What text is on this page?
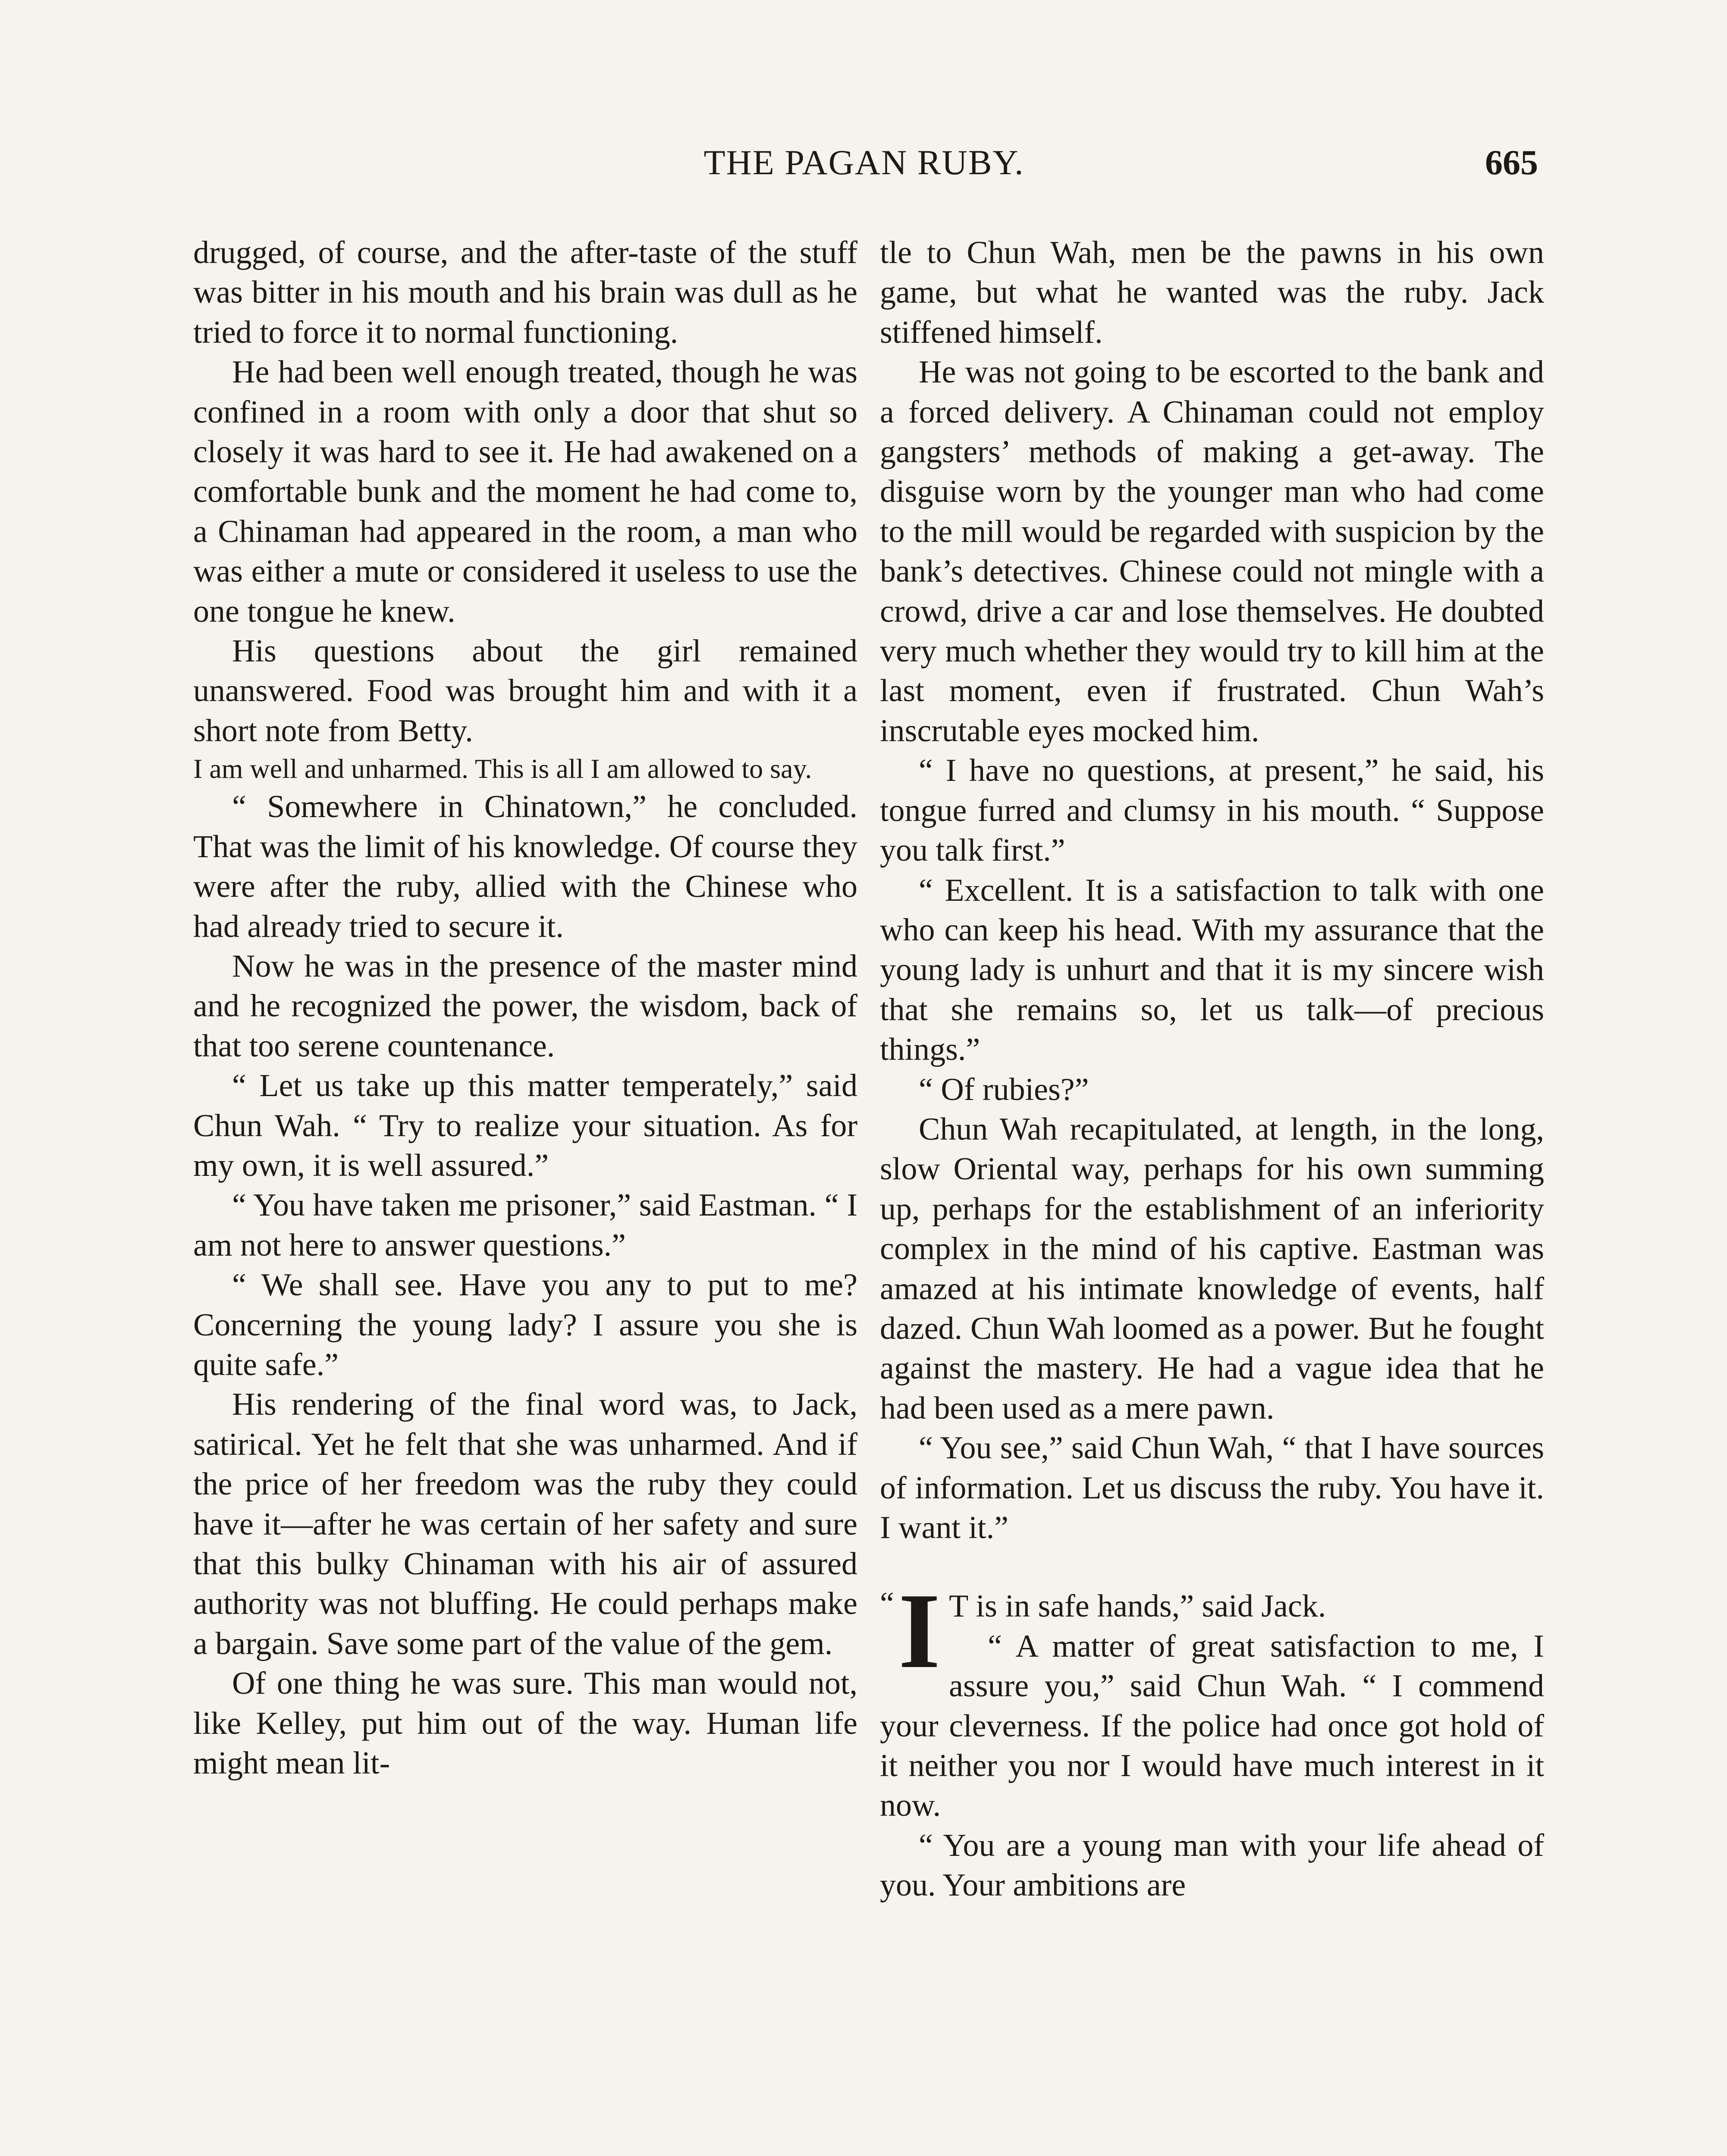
THE PAGAN RUBY.	665

drugged, of course, and the after-taste of the stuff was bitter in his mouth and his brain was dull as he tried to force it to normal functioning.

He had been well enough treated, though he was confined in a room with only a door that shut so closely it was hard to see it. He had awakened on a comfortable bunk and the moment he had come to, a Chinaman had appeared in the room, a man who was either a mute or considered it useless to use the one tongue he knew.

His questions about the girl remained unanswered. Food was brought him and with it a short note from Betty.

I am well and unharmed. This is all I am allowed to say.

“ Somewhere in Chinatown,” he concluded. That was the limit of his knowledge. Of course they were after the ruby, allied with the Chinese who had already tried to secure it.

Now he was in the presence of the master mind and he recognized the power, the wisdom, back of that too serene countenance.

“ Let us take up this matter temperately,” said Chun Wah. “ Try to realize your situation. As for my own, it is well assured.”

“ You have taken me prisoner,” said Eastman. “ I am not here to answer questions.”

“ We shall see. Have you any to put to me? Concerning the young lady? I assure you she is quite safe.”

His rendering of the final word was, to Jack, satirical. Yet he felt that she was unharmed. And if the price of her freedom was the ruby they could have it—after he was certain of her safety and sure that this bulky Chinaman with his air of assured authority was not bluffing. He could perhaps make a bargain. Save some part of the value of the gem.

Of one thing he was sure. This man would not, like Kelley, put him out of the way. Human life might mean lit-

tle to Chun Wah, men be the pawns in his own game, but what he wanted was the ruby. Jack stiffened himself.

He was not going to be escorted to the bank and a forced delivery. A Chinaman could not employ gangsters’ methods of making a get-away. The disguise worn by the younger man who had come to the mill would be regarded with suspicion by the bank’s detectives. Chinese could not mingle with a crowd, drive a car and lose themselves. He doubted very much whether they would try to kill him at the last moment, even if frustrated. Chun Wah’s inscrutable eyes mocked him.

“ I have no questions, at present,” he said, his tongue furred and clumsy in his mouth. “ Suppose you talk first.”

“ Excellent. It is a satisfaction to talk with one who can keep his head. With my assurance that the young lady is unhurt and that it is my sincere wish that she remains so, let us talk—of precious things.”

“ Of rubies?”

Chun Wah recapitulated, at length, in the long, slow Oriental way, perhaps for his own summing up, perhaps for the establishment of an inferiority complex in the mind of his captive. Eastman was amazed at his intimate knowledge of events, half dazed. Chun Wah loomed as a power. But he fought against the mastery. He had a vague idea that he had been used as a mere pawn.

“ You see,” said Chun Wah, “ that I have sources of information. Let us discuss the ruby. You have it. I want it.”

“ I T is in safe hands,” said Jack.

“ A matter of great satisfaction to me, I assure you,” said Chun Wah. “ I commend your cleverness. If the police had once got hold of it neither you nor I would have much interest in it now.

“ You are a young man with your life ahead of you. Your ambitions are
